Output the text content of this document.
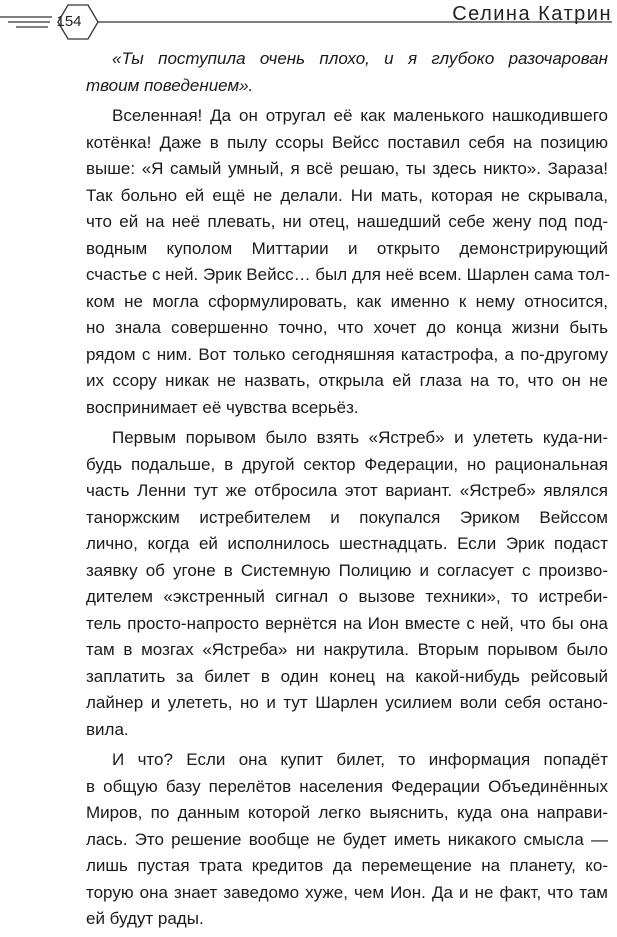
154	Селина Катрин
«Ты поступила очень плохо, и я глубоко разочарован
твоим поведением».
Вселенная! Да он отругал её как маленького нашкодившего
котёнка! Даже в пылу ссоры Вейсс поставил себя на позицию
выше: «Я самый умный, я всё решаю, ты здесь никто». Зараза!
Так больно ей ещё не делали. Ни мать, которая не скрывала,
что ей на неё плевать, ни отец, нашедший себе жену под под-
водным куполом Миттарии и открыто демонстрирующий
счастье с ней. Эрик Вейсс… был для неё всем. Шарлен сама тол-
ком не могла сформулировать, как именно к нему относится,
но знала совершенно точно, что хочет до конца жизни быть
рядом с ним. Вот только сегодняшняя катастрофа, а по-другому
их ссору никак не назвать, открыла ей глаза на то, что он не
воспринимает её чувства всерьёз.
Первым порывом было взять «Ястреб» и улететь куда-ни-
будь подальше, в другой сектор Федерации, но рациональная
часть Ленни тут же отбросила этот вариант. «Ястреб» являлся
таноржским истребителем и покупался Эриком Вейссом
лично, когда ей исполнилось шестнадцать. Если Эрик подаст
заявку об угоне в Системную Полицию и согласует с произво-
дителем «экстренный сигнал о вызове техники», то истреби-
тель просто-напросто вернётся на Ион вместе с ней, что бы она
там в мозгах «Ястреба» ни накрутила. Вторым порывом было
заплатить за билет в один конец на какой-нибудь рейсовый
лайнер и улететь, но и тут Шарлен усилием воли себя остано-
вила.
И что? Если она купит билет, то информация попадёт
в общую базу перелётов населения Федерации Объединённых
Миров, по данным которой легко выяснить, куда она направи-
лась. Это решение вообще не будет иметь никакого смысла —
лишь пустая трата кредитов да перемещение на планету, ко-
торую она знает заведомо хуже, чем Ион. Да и не факт, что там
ей будут рады.
